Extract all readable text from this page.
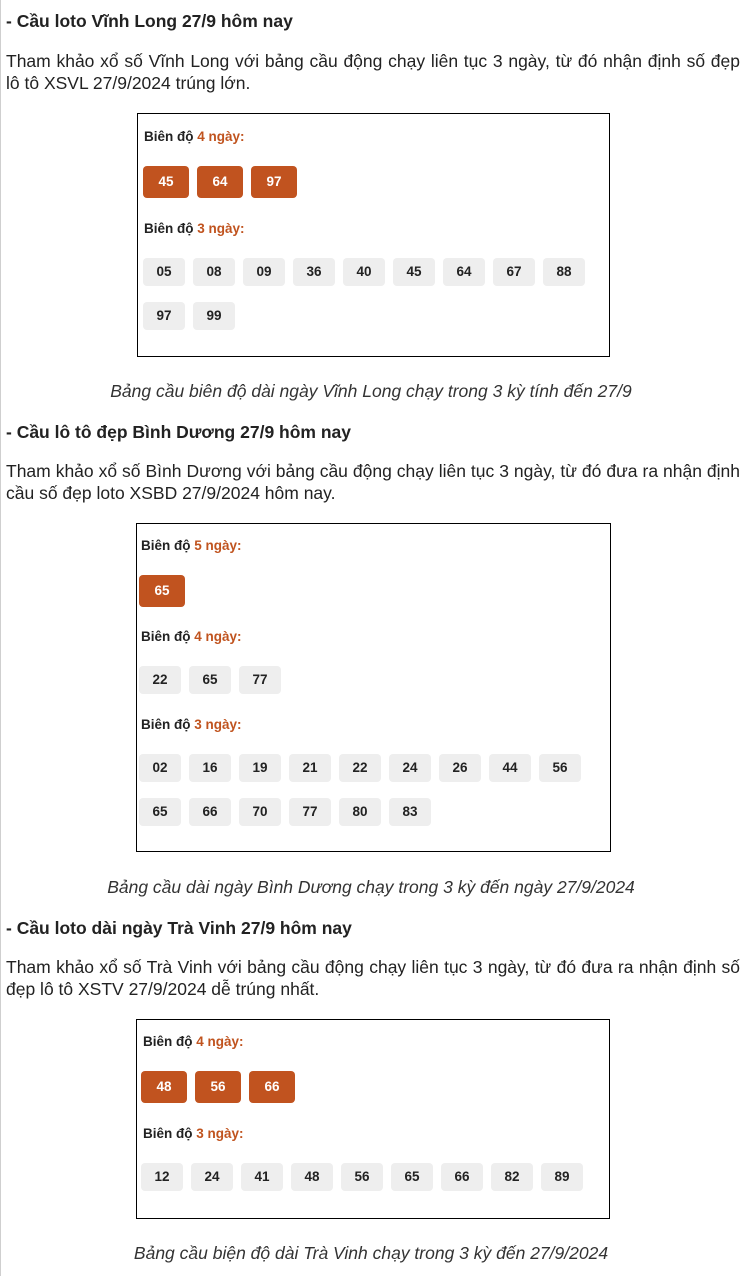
- Cầu loto Vĩnh Long 27/9 hôm nay

Tham khảo xổ số Vĩnh Long với bảng cầu động chạy liên tục 3 ngày, từ đó nhận định số đẹp lô tô XSVL 27/9/2024 trúng lớn.

Biên độ 4 ngày:
45	64	97
Biên độ 3 ngày:
05	08	09	36	40	45	64	67	88
97	99
Bảng cầu biên độ dài ngày Vĩnh Long chạy trong 3 kỳ tính đến 27/9
- Cầu lô tô đẹp Bình Dương 27/9 hôm nay

Tham khảo xổ số Bình Dương với bảng cầu động chạy liên tục 3 ngày, từ đó đưa ra nhận định cầu số đẹp loto XSBD 27/9/2024 hôm nay.

Biên độ 5 ngày:
65
Biên độ 4 ngày:
22	65	77
Biên độ 3 ngày:
02	16	19	21	22	24	26	44	56
65	66	70	77	80	83
Bảng cầu dài ngày Bình Dương chạy trong 3 kỳ đến ngày 27/9/2024
- Cầu loto dài ngày Trà Vinh 27/9 hôm nay

Tham khảo xổ số Trà Vinh với bảng cầu động chạy liên tục 3 ngày, từ đó đưa ra nhận định số đẹp lô tô XSTV 27/9/2024 dễ trúng nhất.

Biên độ 4 ngày:
48	56	66
Biên độ 3 ngày:
12	24	41	48	56	65	66	82	89
Bảng cầu biện độ dài Trà Vinh chạy trong 3 kỳ đến 27/9/2024
